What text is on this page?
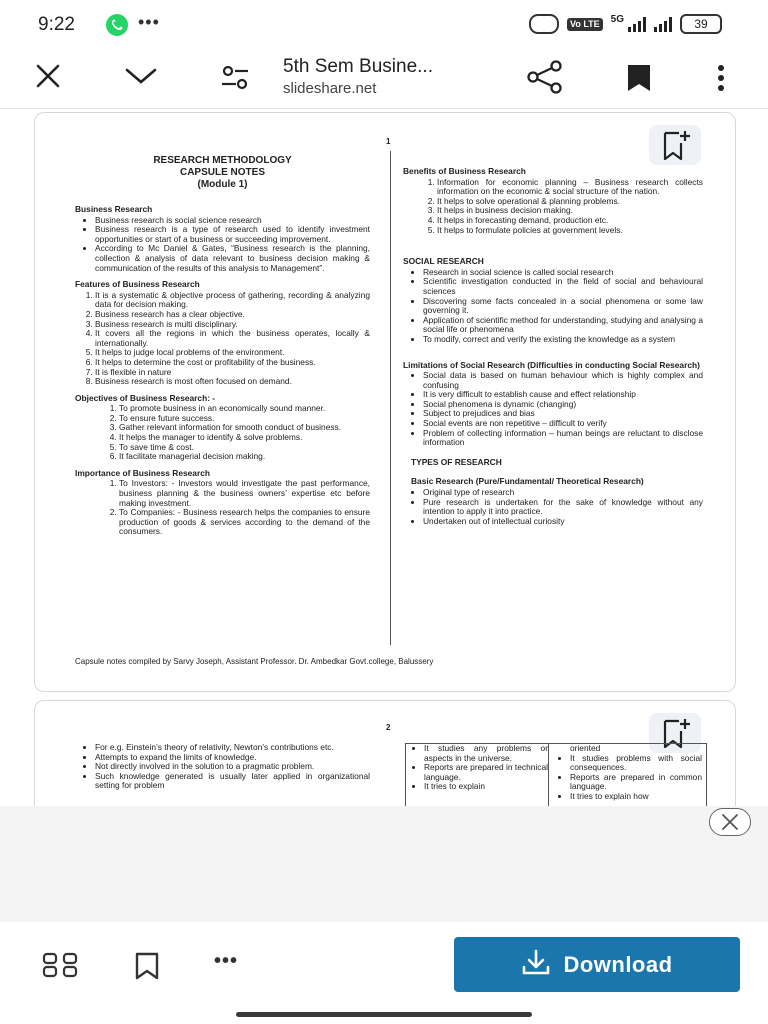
9:22	•••	Vo LTE	5G	39
5th Sem Busine...
slideshare.net
1
RESEARCH METHODOLOGY
CAPSULE NOTES
(Module 1)
Business Research
• Business research is social science research
• Business research is a type of research used to identify investment opportunities or start of a business or succeeding improvement.
• According to Mc Daniel & Gates, “Business research is the planning, collection & analysis of data relevant to business decision making & communication of the results of this analysis to Management”.
Features of Business Research
1. It is a systematic & objective process of gathering, recording & analyzing data for decision making.
2. Business research has a clear objective.
3. Business research is multi disciplinary.
4. It covers all the regions in which the business operates, locally & internationally.
5. It helps to judge local problems of the environment.
6. It helps to determine the cost or profitability of the business.
7. It is flexible in nature
8. Business research is most often focused on demand.
Objectives of Business Research: -
1. To promote business in an economically sound manner.
2. To ensure future success.
3. Gather relevant information for smooth conduct of business.
4. It helps the manager to identify & solve problems.
5. To save time & cost.
6. It facilitate managerial decision making.
Importance of Business Research
1. To Investors: - Investors would investigate the past performance, business planning & the business owners’ expertise etc before making investment.
2. To Companies: - Business research helps the companies to ensure production of goods & services according to the demand of the consumers.
Benefits of Business Research
1. Information for economic planning – Business research collects information on the economic & social structure of the nation.
2. It helps to solve operational & planning problems.
3. It helps in business decision making.
4. It helps in forecasting demand, production etc.
5. It helps to formulate policies at government levels.
SOCIAL RESEARCH
• Research in social science is called social research
• Scientific investigation conducted in the field of social and behavioural sciences
• Discovering some facts concealed in a social phenomena or some law governing it.
• Application of scientific method for understanding, studying and analysing a social life or phenomena
• To modify, correct and verify the existing the knowledge as a system
Limitations of Social Research (Difficulties in conducting Social Research)
• Social data is based on human behaviour which is highly complex and confusing
• It is very difficult to establish cause and effect relationship
• Social phenomena is dynamic (changing)
• Subject to prejudices and bias
• Social events are non repetitive – difficult to verify
• Problem of collecting information – human beings are reluctant to disclose information
TYPES OF RESEARCH
Basic Research (Pure/Fundamental/ Theoretical Research)
• Original type of research
• Pure research is undertaken for the sake of knowledge without any intention to apply it into practice.
• Undertaken out of intellectual curiosity
Capsule notes compiled by Sarvy Joseph, Assistant Professor. Dr. Ambedkar Govt.college, Balussery
2
• For e.g. Einstein’s theory of relativity, Newton’s contributions etc.
• Attempts to expand the limits of knowledge.
• Not directly involved in the solution to a pragmatic problem.
• Such knowledge generated is usually later applied in organizational setting for problem
• It studies any problems or aspects in the universe.
• Reports are prepared in technical language.
• It tries to explain
oriented
• It studies problems with social consequences.
• Reports are prepared in common language.
• It tries to explain how
•••	Download
